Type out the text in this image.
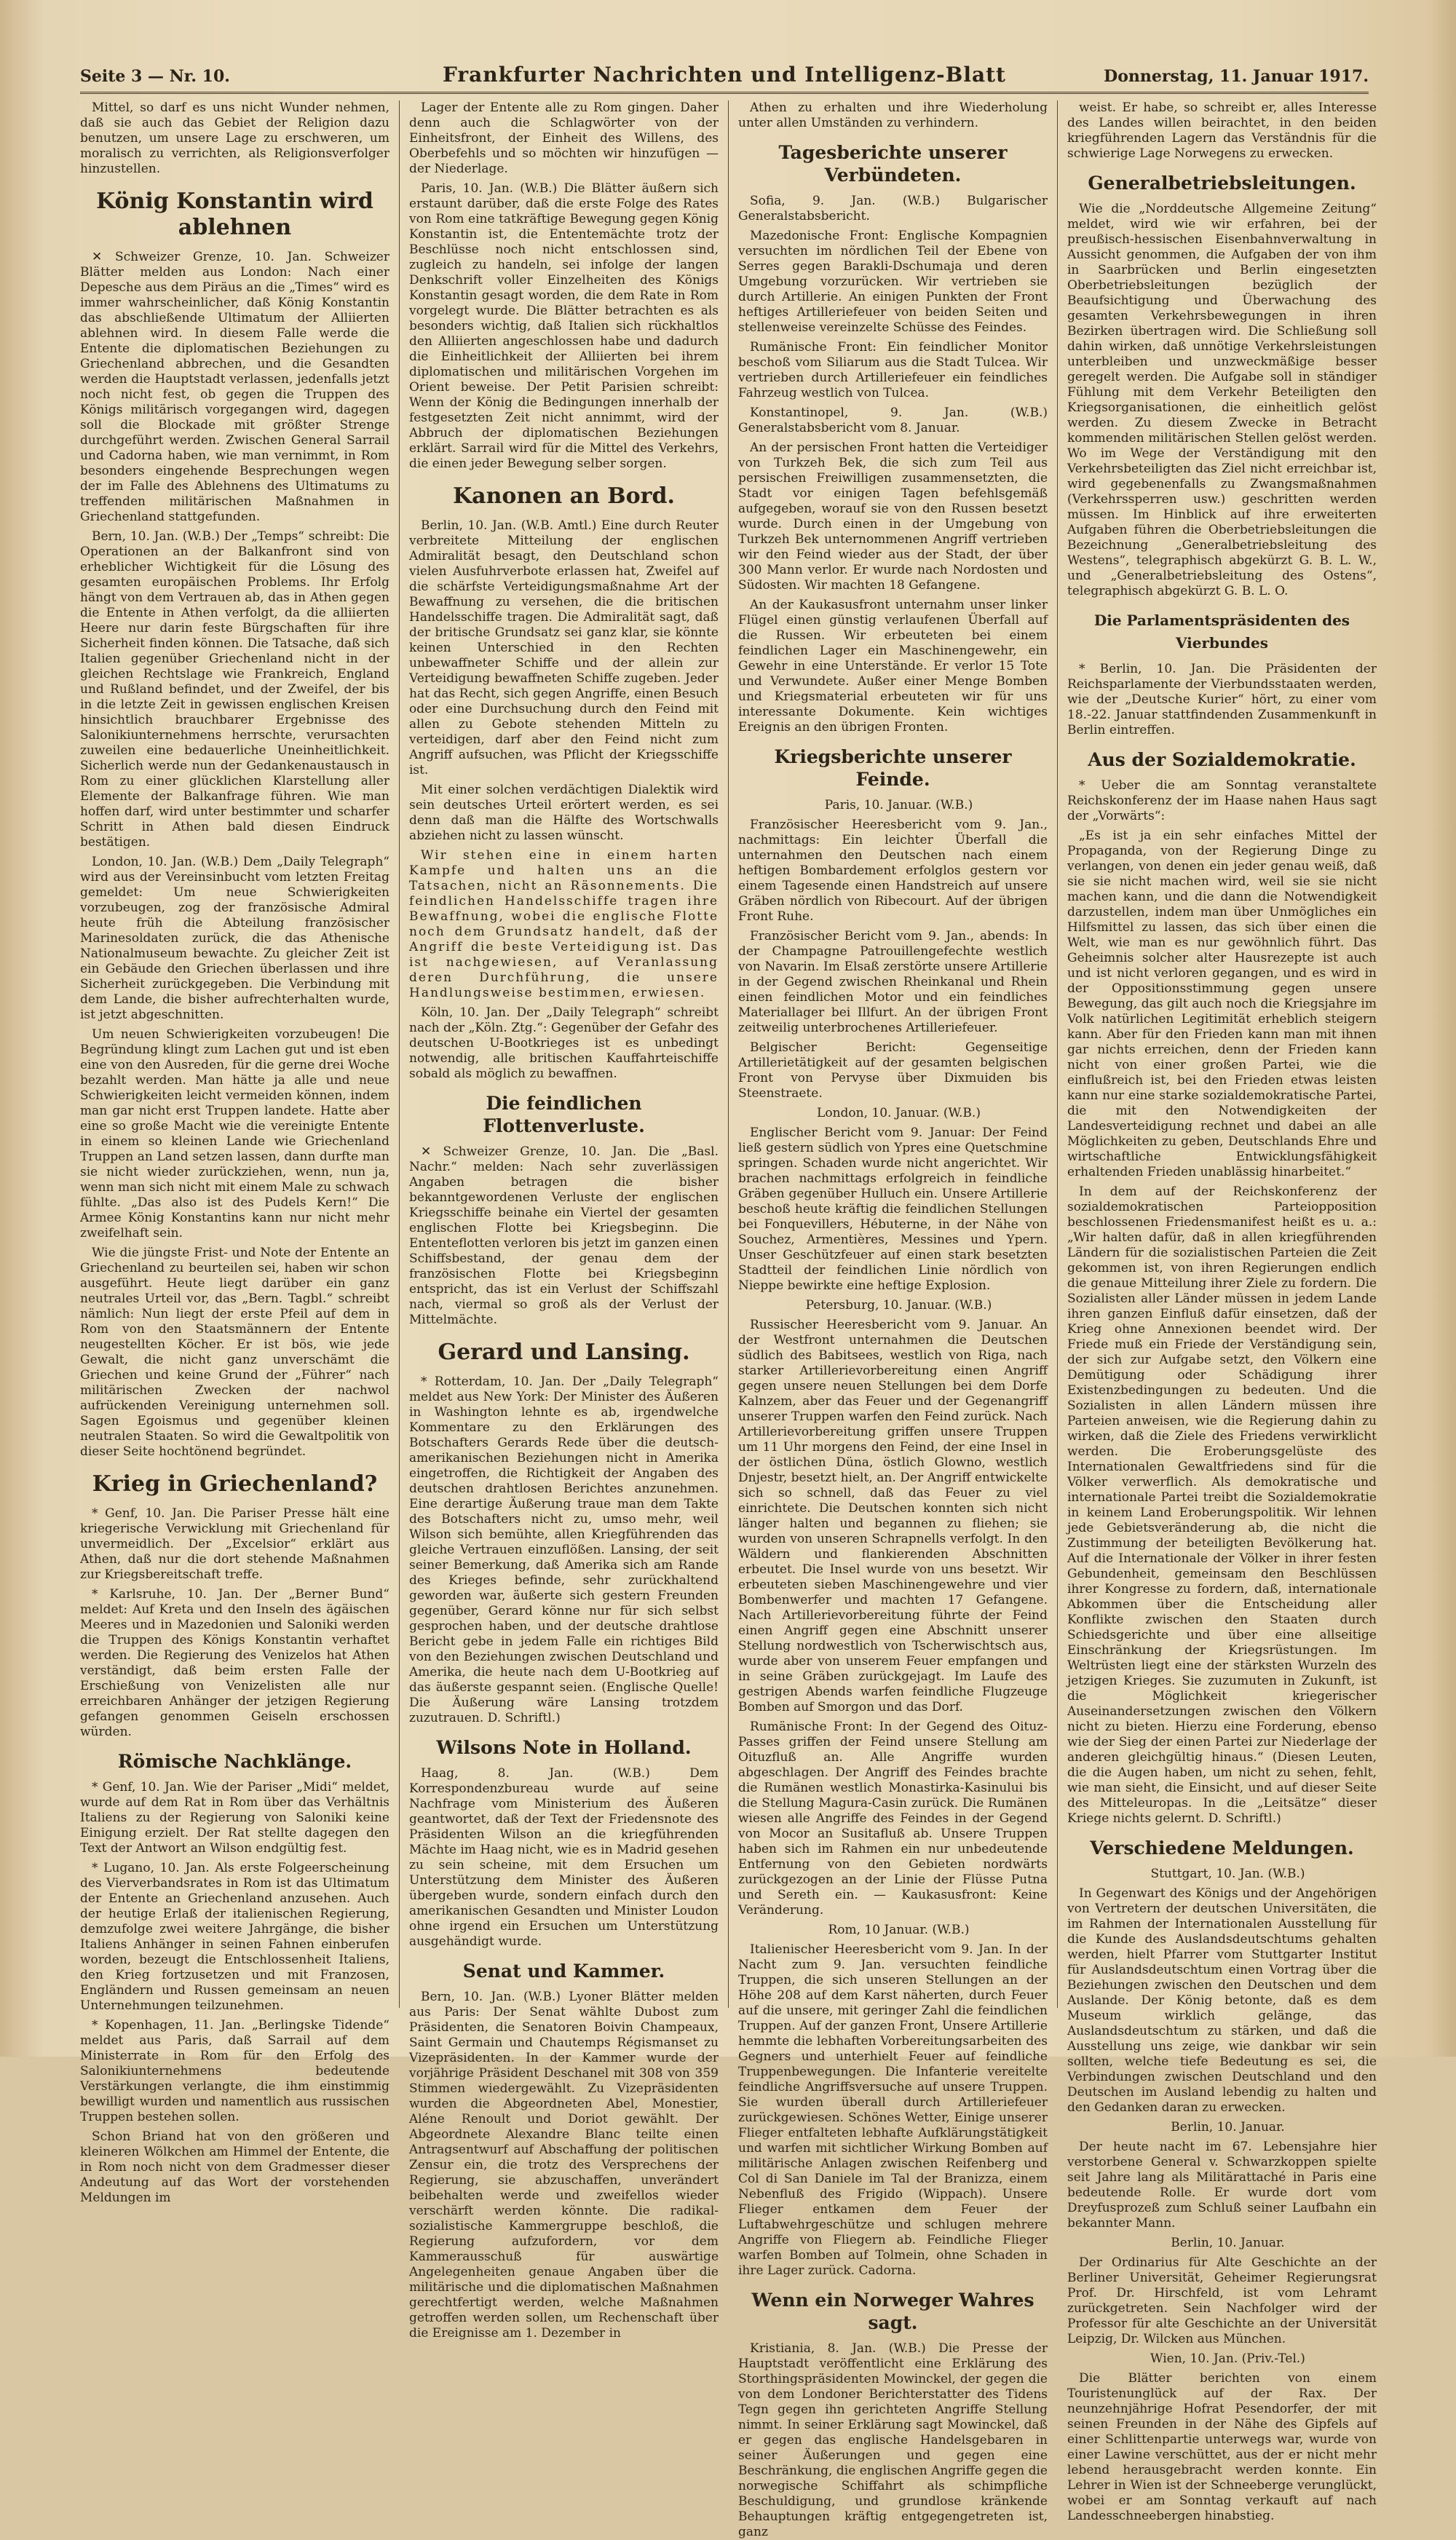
Seite 3 — Nr. 10.	Frankfurter Nachrichten und Intelligenz-Blatt	Donnerstag, 11. Januar 1917.

Mittel, so darf es uns nicht Wunder nehmen, daß sie auch das Gebiet der Religion dazu benutzen, um unsere Lage zu erschweren, um moralisch zu verrichten, als Religionsverfolger hinzustellen.

König Konstantin wird ablehnen

✕ Schweizer Grenze, 10. Jan. Schweizer Blätter melden aus London: Nach einer Depesche aus dem Piräus an die „Times“ wird es immer wahrscheinlicher, daß König Konstantin das abschließende Ultimatum der Alliierten ablehnen wird. In diesem Falle werde die Entente die diplomatischen Beziehungen zu Griechenland abbrechen, und die Gesandten werden die Hauptstadt verlassen, jedenfalls jetzt noch nicht fest, ob gegen die Truppen des Königs militärisch vorgegangen wird, dagegen soll die Blockade mit größter Strenge durchgeführt werden. Zwischen General Sarrail und Cadorna haben, wie man vernimmt, in Rom besonders eingehende Besprechungen wegen der im Falle des Ablehnens des Ultimatums zu treffenden militärischen Maßnahmen in Griechenland stattgefunden.

Bern, 10. Jan. (W.B.) Der „Temps“ schreibt: Die Operationen an der Balkanfront sind von erheblicher Wichtigkeit für die Lösung des gesamten europäischen Problems. Ihr Erfolg hängt von dem Vertrauen ab, das in Athen gegen die Entente in Athen verfolgt, da die alliierten Heere nur darin feste Bürgschaften für ihre Sicherheit finden können. Die Tatsache, daß sich Italien gegenüber Griechenland nicht in der gleichen Rechtslage wie Frankreich, England und Rußland befindet, und der Zweifel, der bis in die letzte Zeit in gewissen englischen Kreisen hinsichtlich brauchbarer Ergebnisse des Salonikiunternehmens herrschte, verursachten zuweilen eine bedauerliche Uneinheitlichkeit. Sicherlich werde nun der Gedankenaustausch in Rom zu einer glücklichen Klarstellung aller Elemente der Balkanfrage führen. Wie man hoffen darf, wird unter bestimmter und scharfer Schritt in Athen bald diesen Eindruck bestätigen.

London, 10. Jan. (W.B.) Dem „Daily Telegraph“ wird aus der Vereinsinbucht vom letzten Freitag gemeldet: Um neue Schwierigkeiten vorzubeugen, zog der französische Admiral heute früh die Abteilung französischer Marinesoldaten zurück, die das Athenische Nationalmuseum bewachte. Zu gleicher Zeit ist ein Gebäude den Griechen überlassen und ihre Sicherheit zurückgegeben. Die Verbindung mit dem Lande, die bisher aufrechterhalten wurde, ist jetzt abgeschnitten.

Um neuen Schwierigkeiten vorzubeugen! Die Begründung klingt zum Lachen gut und ist eben eine von den Ausreden, für die gerne drei Woche bezahlt werden. Man hätte ja alle und neue Schwierigkeiten leicht vermeiden können, indem man gar nicht erst Truppen landete. Hatte aber eine so große Macht wie die vereinigte Entente in einem so kleinen Lande wie Griechenland Truppen an Land setzen lassen, dann durfte man sie nicht wieder zurückziehen, wenn, nun ja, wenn man sich nicht mit einem Male zu schwach fühlte. „Das also ist des Pudels Kern!“ Die Armee König Konstantins kann nur nicht mehr zweifelhaft sein.

Wie die jüngste Frist- und Note der Entente an Griechenland zu beurteilen sei, haben wir schon ausgeführt. Heute liegt darüber ein ganz neutrales Urteil vor, das „Bern. Tagbl.“ schreibt nämlich: Nun liegt der erste Pfeil auf dem in Rom von den Staatsmännern der Entente neugestellten Köcher. Er ist bös, wie jede Gewalt, die nicht ganz unverschämt die Griechen und keine Grund der „Führer“ nach militärischen Zwecken der nachwol aufrückenden Vereinigung unternehmen soll. Sagen Egoismus und gegenüber kleinen neutralen Staaten. So wird die Gewaltpolitik von dieser Seite hochtönend begründet.

Krieg in Griechenland?

* Genf, 10. Jan. Die Pariser Presse hält eine kriegerische Verwicklung mit Griechenland für unvermeidlich. Der „Excelsior“ erklärt aus Athen, daß nur die dort stehende Maßnahmen zur Kriegsbereitschaft treffe.

* Karlsruhe, 10. Jan. Der „Berner Bund“ meldet: Auf Kreta und den Inseln des ägäischen Meeres und in Mazedonien und Saloniki werden die Truppen des Königs Konstantin verhaftet werden. Die Regierung des Venizelos hat Athen verständigt, daß beim ersten Falle der Erschießung von Venizelisten alle nur erreichbaren Anhänger der jetzigen Regierung gefangen genommen Geiseln erschossen würden.

Römische Nachklänge.

* Genf, 10. Jan. Wie der Pariser „Midi“ meldet, wurde auf dem Rat in Rom über das Verhältnis Italiens zu der Regierung von Saloniki keine Einigung erzielt. Der Rat stellte dagegen den Text der Antwort an Wilson endgültig fest.

* Lugano, 10. Jan. Als erste Folgeerscheinung des Vierverbandsrates in Rom ist das Ultimatum der Entente an Griechenland anzusehen. Auch der heutige Erlaß der italienischen Regierung, demzufolge zwei weitere Jahrgänge, die bisher Italiens Anhänger in seinen Fahnen einberufen worden, bezeugt die Entschlossenheit Italiens, den Krieg fortzusetzen und mit Franzosen, Engländern und Russen gemeinsam an neuen Unternehmungen teilzunehmen.

* Kopenhagen, 11. Jan. „Berlingske Tidende“ meldet aus Paris, daß Sarrail auf dem Ministerrate in Rom für den Erfolg des Salonikiunternehmens bedeutende Verstärkungen verlangte, die ihm einstimmig bewilligt wurden und namentlich aus russischen Truppen bestehen sollen.

Schon Briand hat von den größeren und kleineren Wölkchen am Himmel der Entente, die in Rom noch nicht von dem Gradmesser dieser Andeutung auf das Wort der vorstehenden Meldungen im

Lager der Entente alle zu Rom gingen. Daher denn auch die Schlagwörter von der Einheitsfront, der Einheit des Willens, des Oberbefehls und so möchten wir hinzufügen — der Niederlage.

Paris, 10. Jan. (W.B.) Die Blätter äußern sich erstaunt darüber, daß die erste Folge des Rates von Rom eine tatkräftige Bewegung gegen König Konstantin ist, die Ententemächte trotz der Beschlüsse noch nicht entschlossen sind, zugleich zu handeln, sei infolge der langen Denkschrift voller Einzelheiten des Königs Konstantin gesagt worden, die dem Rate in Rom vorgelegt wurde. Die Blätter betrachten es als besonders wichtig, daß Italien sich rückhaltlos den Alliierten angeschlossen habe und dadurch die Einheitlichkeit der Alliierten bei ihrem diplomatischen und militärischen Vorgehen im Orient beweise. Der Petit Parisien schreibt: Wenn der König die Bedingungen innerhalb der festgesetzten Zeit nicht annimmt, wird der Abbruch der diplomatischen Beziehungen erklärt. Sarrail wird für die Mittel des Verkehrs, die einen jeder Bewegung selber sorgen.

Kanonen an Bord.

Berlin, 10. Jan. (W.B. Amtl.) Eine durch Reuter verbreitete Mitteilung der englischen Admiralität besagt, den Deutschland schon vielen Ausfuhrverbote erlassen hat, Zweifel auf die schärfste Verteidigungsmaßnahme Art der Bewaffnung zu versehen, die die britischen Handelsschiffe tragen. Die Admiralität sagt, daß der britische Grundsatz sei ganz klar, sie könnte keinen Unterschied in den Rechten unbewaffneter Schiffe und der allein zur Verteidigung bewaffneten Schiffe zugeben. Jeder hat das Recht, sich gegen Angriffe, einen Besuch oder eine Durchsuchung durch den Feind mit allen zu Gebote stehenden Mitteln zu verteidigen, darf aber den Feind nicht zum Angriff aufsuchen, was Pflicht der Kriegsschiffe ist.

Mit einer solchen verdächtigen Dialektik wird sein deutsches Urteil erörtert werden, es sei denn daß man die Hälfte des Wortschwalls abziehen nicht zu lassen wünscht.

Wir stehen eine in einem harten Kampfe und halten uns an die Tatsachen, nicht an Räsonnements. Die feindlichen Handelsschiffe tragen ihre Bewaffnung, wobei die englische Flotte noch dem Grundsatz handelt, daß der Angriff die beste Verteidigung ist. Das ist nachgewiesen, auf Veranlassung deren Durchführung, die unsere Handlungsweise bestimmen, erwiesen.

Köln, 10. Jan. Der „Daily Telegraph“ schreibt nach der „Köln. Ztg.“: Gegenüber der Gefahr des deutschen U-Bootkrieges ist es unbedingt notwendig, alle britischen Kauffahrteischiffe sobald als möglich zu bewaffnen.

Die feindlichen Flottenverluste.

✕ Schweizer Grenze, 10. Jan. Die „Basl. Nachr.“ melden: Nach sehr zuverlässigen Angaben betragen die bisher bekanntgewordenen Verluste der englischen Kriegsschiffe beinahe ein Viertel der gesamten englischen Flotte bei Kriegsbeginn. Die Ententeflotten verloren bis jetzt im ganzen einen Schiffsbestand, der genau dem der französischen Flotte bei Kriegsbeginn entspricht, das ist ein Verlust der Schiffszahl nach, viermal so groß als der Verlust der Mittelmächte.

Gerard und Lansing.

* Rotterdam, 10. Jan. Der „Daily Telegraph“ meldet aus New York: Der Minister des Äußeren in Washington lehnte es ab, irgendwelche Kommentare zu den Erklärungen des Botschafters Gerards Rede über die deutsch-amerikanischen Beziehungen nicht in Amerika eingetroffen, die Richtigkeit der Angaben des deutschen drahtlosen Berichtes anzunehmen. Eine derartige Äußerung traue man dem Takte des Botschafters nicht zu, umso mehr, weil Wilson sich bemühte, allen Kriegführenden das gleiche Vertrauen einzuflößen. Lansing, der seit seiner Bemerkung, daß Amerika sich am Rande des Krieges befinde, sehr zurückhaltend geworden war, äußerte sich gestern Freunden gegenüber, Gerard könne nur für sich selbst gesprochen haben, und der deutsche drahtlose Bericht gebe in jedem Falle ein richtiges Bild von den Beziehungen zwischen Deutschland und Amerika, die heute nach dem U-Bootkrieg auf das äußerste gespannt seien. (Englische Quelle! Die Äußerung wäre Lansing trotzdem zuzutrauen. D. Schriftl.)

Wilsons Note in Holland.

Haag, 8. Jan. (W.B.) Dem Korrespondenzbureau wurde auf seine Nachfrage vom Ministerium des Äußeren geantwortet, daß der Text der Friedensnote des Präsidenten Wilson an die kriegführenden Mächte im Haag nicht, wie es in Madrid gesehen zu sein scheine, mit dem Ersuchen um Unterstützung dem Minister des Äußeren übergeben wurde, sondern einfach durch den amerikanischen Gesandten und Minister Loudon ohne irgend ein Ersuchen um Unterstützung ausgehändigt wurde.

Senat und Kammer.

Bern, 10. Jan. (W.B.) Lyoner Blätter melden aus Paris: Der Senat wählte Dubost zum Präsidenten, die Senatoren Boivin Champeaux, Saint Germain und Chautemps Régismanset zu Vizepräsidenten. In der Kammer wurde der vorjährige Präsident Deschanel mit 308 von 359 Stimmen wiedergewählt. Zu Vizepräsidenten wurden die Abgeordneten Abel, Monestier, Aléne Renoult und Doriot gewählt. Der Abgeordnete Alexandre Blanc teilte einen Antragsentwurf auf Abschaffung der politischen Zensur ein, die trotz des Versprechens der Regierung, sie abzuschaffen, unverändert beibehalten werde und zweifellos wieder verschärft werden könnte. Die radikal-sozialistische Kammergruppe beschloß, die Regierung aufzufordern, vor dem Kammerausschuß für auswärtige Angelegenheiten genaue Angaben über die militärische und die diplomatischen Maßnahmen gerechtfertigt werden, welche Maßnahmen getroffen werden sollen, um Rechenschaft über die Ereignisse am 1. Dezember in

Athen zu erhalten und ihre Wiederholung unter allen Umständen zu verhindern.

Tagesberichte unserer Verbündeten.

Sofia, 9. Jan. (W.B.) Bulgarischer Generalstabsbericht.

Mazedonische Front: Englische Kompagnien versuchten im nördlichen Teil der Ebene von Serres gegen Barakli-Dschumaja und deren Umgebung vorzurücken. Wir vertrieben sie durch Artillerie. An einigen Punkten der Front heftiges Artilleriefeuer von beiden Seiten und stellenweise vereinzelte Schüsse des Feindes.

Rumänische Front: Ein feindlicher Monitor beschoß vom Siliarum aus die Stadt Tulcea. Wir vertrieben durch Artilleriefeuer ein feindliches Fahrzeug westlich von Tulcea.

Konstantinopel, 9. Jan. (W.B.) Generalstabsbericht vom 8. Januar.

An der persischen Front hatten die Verteidiger von Turkzeh Bek, die sich zum Teil aus persischen Freiwilligen zusammensetzten, die Stadt vor einigen Tagen befehlsgemäß aufgegeben, worauf sie von den Russen besetzt wurde. Durch einen in der Umgebung von Turkzeh Bek unternommenen Angriff vertrieben wir den Feind wieder aus der Stadt, der über 300 Mann verlor. Er wurde nach Nordosten und Südosten. Wir machten 18 Gefangene.

An der Kaukasusfront unternahm unser linker Flügel einen günstig verlaufenen Überfall auf die Russen. Wir erbeuteten bei einem feindlichen Lager ein Maschinengewehr, ein Gewehr in eine Unterstände. Er verlor 15 Tote und Verwundete. Außer einer Menge Bomben und Kriegsmaterial erbeuteten wir für uns interessante Dokumente. Kein wichtiges Ereignis an den übrigen Fronten.

Kriegsberichte unserer Feinde.

Paris, 10. Januar. (W.B.)

Französischer Heeresbericht vom 9. Jan., nachmittags: Ein leichter Überfall die unternahmen den Deutschen nach einem heftigen Bombardement erfolglos gestern vor einem Tagesende einen Handstreich auf unsere Gräben nördlich von Ribecourt. Auf der übrigen Front Ruhe.

Französischer Bericht vom 9. Jan., abends: In der Champagne Patrouillengefechte westlich von Navarin. Im Elsaß zerstörte unsere Artillerie in der Gegend zwischen Rheinkanal und Rhein einen feindlichen Motor und ein feindliches Materiallager bei Illfurt. An der übrigen Front zeitweilig unterbrochenes Artilleriefeuer.

Belgischer Bericht: Gegenseitige Artillerietätigkeit auf der gesamten belgischen Front von Pervyse über Dixmuiden bis Steenstraete.

London, 10. Januar. (W.B.)

Englischer Bericht vom 9. Januar: Der Feind ließ gestern südlich von Ypres eine Quetschmine springen. Schaden wurde nicht angerichtet. Wir brachen nachmittags erfolgreich in feindliche Gräben gegenüber Hulluch ein. Unsere Artillerie beschoß heute kräftig die feindlichen Stellungen bei Fonquevillers, Hébuterne, in der Nähe von Souchez, Armentières, Messines und Ypern. Unser Geschützfeuer auf einen stark besetzten Stadtteil der feindlichen Linie nördlich von Nieppe bewirkte eine heftige Explosion.

Petersburg, 10. Januar. (W.B.)

Russischer Heeresbericht vom 9. Januar. An der Westfront unternahmen die Deutschen südlich des Babitsees, westlich von Riga, nach starker Artillerievorbereitung einen Angriff gegen unsere neuen Stellungen bei dem Dorfe Kalnzem, aber das Feuer und der Gegenangriff unserer Truppen warfen den Feind zurück. Nach Artillerievorbereitung griffen unsere Truppen um 11 Uhr morgens den Feind, der eine Insel in der östlichen Düna, östlich Glowno, westlich Dnjestr, besetzt hielt, an. Der Angriff entwickelte sich so schnell, daß das Feuer zu viel einrichtete. Die Deutschen konnten sich nicht länger halten und begannen zu fliehen; sie wurden von unseren Schrapnells verfolgt. In den Wäldern und flankierenden Abschnitten erbeutet. Die Insel wurde von uns besetzt. Wir erbeuteten sieben Maschinengewehre und vier Bombenwerfer und machten 17 Gefangene. Nach Artillerievorbereitung führte der Feind einen Angriff gegen eine Abschnitt unserer Stellung nordwestlich von Tscherwischtsch aus, wurde aber von unserem Feuer empfangen und in seine Gräben zurückgejagt. Im Laufe des gestrigen Abends warfen feindliche Flugzeuge Bomben auf Smorgon und das Dorf.

Rumänische Front: In der Gegend des Oituz-Passes griffen der Feind unsere Stellung am Oituzfluß an. Alle Angriffe wurden abgeschlagen. Der Angriff des Feindes brachte die Rumänen westlich Monastirka-Kasinului bis die Stellung Magura-Casin zurück. Die Rumänen wiesen alle Angriffe des Feindes in der Gegend von Mocor an Susitafluß ab. Unsere Truppen haben sich im Rahmen ein nur unbedeutende Entfernung von den Gebieten nordwärts zurückgezogen an der Linie der Flüsse Putna und Sereth ein. — Kaukasusfront: Keine Veränderung.

Rom, 10 Januar. (W.B.)

Italienischer Heeresbericht vom 9. Jan. In der Nacht zum 9. Jan. versuchten feindliche Truppen, die sich unseren Stellungen an der Höhe 208 auf dem Karst näherten, durch Feuer auf die unsere, mit geringer Zahl die feindlichen Truppen. Auf der ganzen Front, Unsere Artillerie hemmte die lebhaften Vorbereitungsarbeiten des Gegners und unterhielt Feuer auf feindliche Truppenbewegungen. Die Infanterie vereitelte feindliche Angriffsversuche auf unsere Truppen. Sie wurden überall durch Artilleriefeuer zurückgewiesen. Schönes Wetter, Einige unserer Flieger entfalteten lebhafte Aufklärungstätigkeit und warfen mit sichtlicher Wirkung Bomben auf militärische Anlagen zwischen Reifenberg und Col di San Daniele im Tal der Branizza, einem Nebenfluß des Frigido (Wippach). Unsere Flieger entkamen dem Feuer der Luftabwehrgeschütze und schlugen mehrere Angriffe von Fliegern ab. Feindliche Flieger warfen Bomben auf Tolmein, ohne Schaden in ihre Lager zurück. Cadorna.

Wenn ein Norweger Wahres sagt.

Kristiania, 8. Jan. (W.B.) Die Presse der Hauptstadt veröffentlicht eine Erklärung des Storthingspräsidenten Mowinckel, der gegen die von dem Londoner Berichterstatter des Tidens Tegn gegen ihn gerichteten Angriffe Stellung nimmt. In seiner Erklärung sagt Mowinckel, daß er gegen das englische Handelsgebaren in seiner Äußerungen und gegen eine Beschränkung, die englischen Angriffe gegen die norwegische Schiffahrt als schimpfliche Beschuldigung, und grundlose kränkende Behauptungen kräftig entgegengetreten ist, ganz

weist. Er habe, so schreibt er, alles Interesse des Landes willen beirachtet, in den beiden kriegführenden Lagern das Verständnis für die schwierige Lage Norwegens zu erwecken.

Generalbetriebsleitungen.

Wie die „Norddeutsche Allgemeine Zeitung“ meldet, wird wie wir erfahren, bei der preußisch-hessischen Eisenbahnverwaltung in Aussicht genommen, die Aufgaben der von ihm in Saarbrücken und Berlin eingesetzten Oberbetriebsleitungen bezüglich der Beaufsichtigung und Überwachung des gesamten Verkehrsbewegungen in ihren Bezirken übertragen wird. Die Schließung soll dahin wirken, daß unnötige Verkehrsleistungen unterbleiben und unzweckmäßige besser geregelt werden. Die Aufgabe soll in ständiger Fühlung mit dem Verkehr Beteiligten den Kriegsorganisationen, die einheitlich gelöst werden. Zu diesem Zwecke in Betracht kommenden militärischen Stellen gelöst werden. Wo im Wege der Verständigung mit den Verkehrsbeteiligten das Ziel nicht erreichbar ist, wird gegebenenfalls zu Zwangsmaßnahmen (Verkehrssperren usw.) geschritten werden müssen. Im Hinblick auf ihre erweiterten Aufgaben führen die Oberbetriebsleitungen die Bezeichnung „Generalbetriebsleitung des Westens“, telegraphisch abgekürzt G. B. L. W., und „Generalbetriebsleitung des Ostens“, telegraphisch abgekürzt G. B. L. O.

Die Parlamentspräsidenten des Vierbundes

* Berlin, 10. Jan. Die Präsidenten der Reichsparlamente der Vierbundsstaaten werden, wie der „Deutsche Kurier“ hört, zu einer vom 18.-22. Januar stattfindenden Zusammenkunft in Berlin eintreffen.

Aus der Sozialdemokratie.

* Ueber die am Sonntag veranstaltete Reichskonferenz der im Haase nahen Haus sagt der „Vorwärts“:

„Es ist ja ein sehr einfaches Mittel der Propaganda, von der Regierung Dinge zu verlangen, von denen ein jeder genau weiß, daß sie sie nicht machen wird, weil sie sie nicht machen kann, und die dann die Notwendigkeit darzustellen, indem man über Unmögliches ein Hilfsmittel zu lassen, das sich über einen die Welt, wie man es nur gewöhnlich führt. Das Geheimnis solcher alter Hausrezepte ist auch und ist nicht verloren gegangen, und es wird in der Oppositionsstimmung gegen unsere Bewegung, das gilt auch noch die Kriegsjahre im Volk natürlichen Legitimität erheblich steigern kann. Aber für den Frieden kann man mit ihnen gar nichts erreichen, denn der Frieden kann nicht von einer großen Partei, wie die einflußreich ist, bei den Frieden etwas leisten kann nur eine starke sozialdemokratische Partei, die mit den Notwendigkeiten der Landesverteidigung rechnet und dabei an alle Möglichkeiten zu geben, Deutschlands Ehre und wirtschaftliche Entwicklungsfähigkeit erhaltenden Frieden unablässig hinarbeitet.“

In dem auf der Reichskonferenz der sozialdemokratischen Parteiopposition beschlossenen Friedensmanifest heißt es u. a.: „Wir halten dafür, daß in allen kriegführenden Ländern für die sozialistischen Parteien die Zeit gekommen ist, von ihren Regierungen endlich die genaue Mitteilung ihrer Ziele zu fordern. Die Sozialisten aller Länder müssen in jedem Lande ihren ganzen Einfluß dafür einsetzen, daß der Krieg ohne Annexionen beendet wird. Der Friede muß ein Friede der Verständigung sein, der sich zur Aufgabe setzt, den Völkern eine Demütigung oder Schädigung ihrer Existenzbedingungen zu bedeuten. Und die Sozialisten in allen Ländern müssen ihre Parteien anweisen, wie die Regierung dahin zu wirken, daß die Ziele des Friedens verwirklicht werden. Die Eroberungsgelüste des Internationalen Gewaltfriedens sind für die Völker verwerflich. Als demokratische und internationale Partei treibt die Sozialdemokratie in keinem Land Eroberungspolitik. Wir lehnen jede Gebietsveränderung ab, die nicht die Zustimmung der beteiligten Bevölkerung hat. Auf die Internationale der Völker in ihrer festen Gebundenheit, gemeinsam den Beschlüssen ihrer Kongresse zu fordern, daß, internationale Abkommen über die Entscheidung aller Konflikte zwischen den Staaten durch Schiedsgerichte und über eine allseitige Einschränkung der Kriegsrüstungen. Im Weltrüsten liegt eine der stärksten Wurzeln des jetzigen Krieges. Sie zuzumuten in Zukunft, ist die Möglichkeit kriegerischer Auseinandersetzungen zwischen den Völkern nicht zu bieten. Hierzu eine Forderung, ebenso wie der Sieg der einen Partei zur Niederlage der anderen gleichgültig hinaus.“ (Diesen Leuten, die die Augen haben, um nicht zu sehen, fehlt, wie man sieht, die Einsicht, und auf dieser Seite des Mitteleuropas. In die „Leitsätze“ dieser Kriege nichts gelernt. D. Schriftl.)

Verschiedene Meldungen.

Stuttgart, 10. Jan. (W.B.)

In Gegenwart des Königs und der Angehörigen von Vertretern der deutschen Universitäten, die im Rahmen der Internationalen Ausstellung für die Kunde des Auslandsdeutschtums gehalten werden, hielt Pfarrer vom Stuttgarter Institut für Auslandsdeutschtum einen Vortrag über die Beziehungen zwischen den Deutschen und dem Auslande. Der König betonte, daß es dem Museum wirklich gelänge, das Auslandsdeutschtum zu stärken, und daß die Ausstellung uns zeige, wie dankbar wir sein sollten, welche tiefe Bedeutung es sei, die Verbindungen zwischen Deutschland und den Deutschen im Ausland lebendig zu halten und den Gedanken daran zu erwecken.

Berlin, 10. Januar.

Der heute nacht im 67. Lebensjahre hier verstorbene General v. Schwarzkoppen spielte seit Jahre lang als Militärattaché in Paris eine bedeutende Rolle. Er wurde dort vom Dreyfusprozeß zum Schluß seiner Laufbahn ein bekannter Mann.

Berlin, 10. Januar.

Der Ordinarius für Alte Geschichte an der Berliner Universität, Geheimer Regierungsrat Prof. Dr. Hirschfeld, ist vom Lehramt zurückgetreten. Sein Nachfolger wird der Professor für alte Geschichte an der Universität Leipzig, Dr. Wilcken aus München.

Wien, 10. Jan. (Priv.-Tel.)

Die Blätter berichten von einem Touristenunglück auf der Rax. Der neunzehnjährige Hofrat Pesendorfer, der mit seinen Freunden in der Nähe des Gipfels auf einer Schlittenpartie unterwegs war, wurde von einer Lawine verschüttet, aus der er nicht mehr lebend herausgebracht werden konnte. Ein Lehrer in Wien ist der Schneeberge verunglückt, wobei er am Sonntag verkauft auf nach Landesschneebergen hinabstieg.
